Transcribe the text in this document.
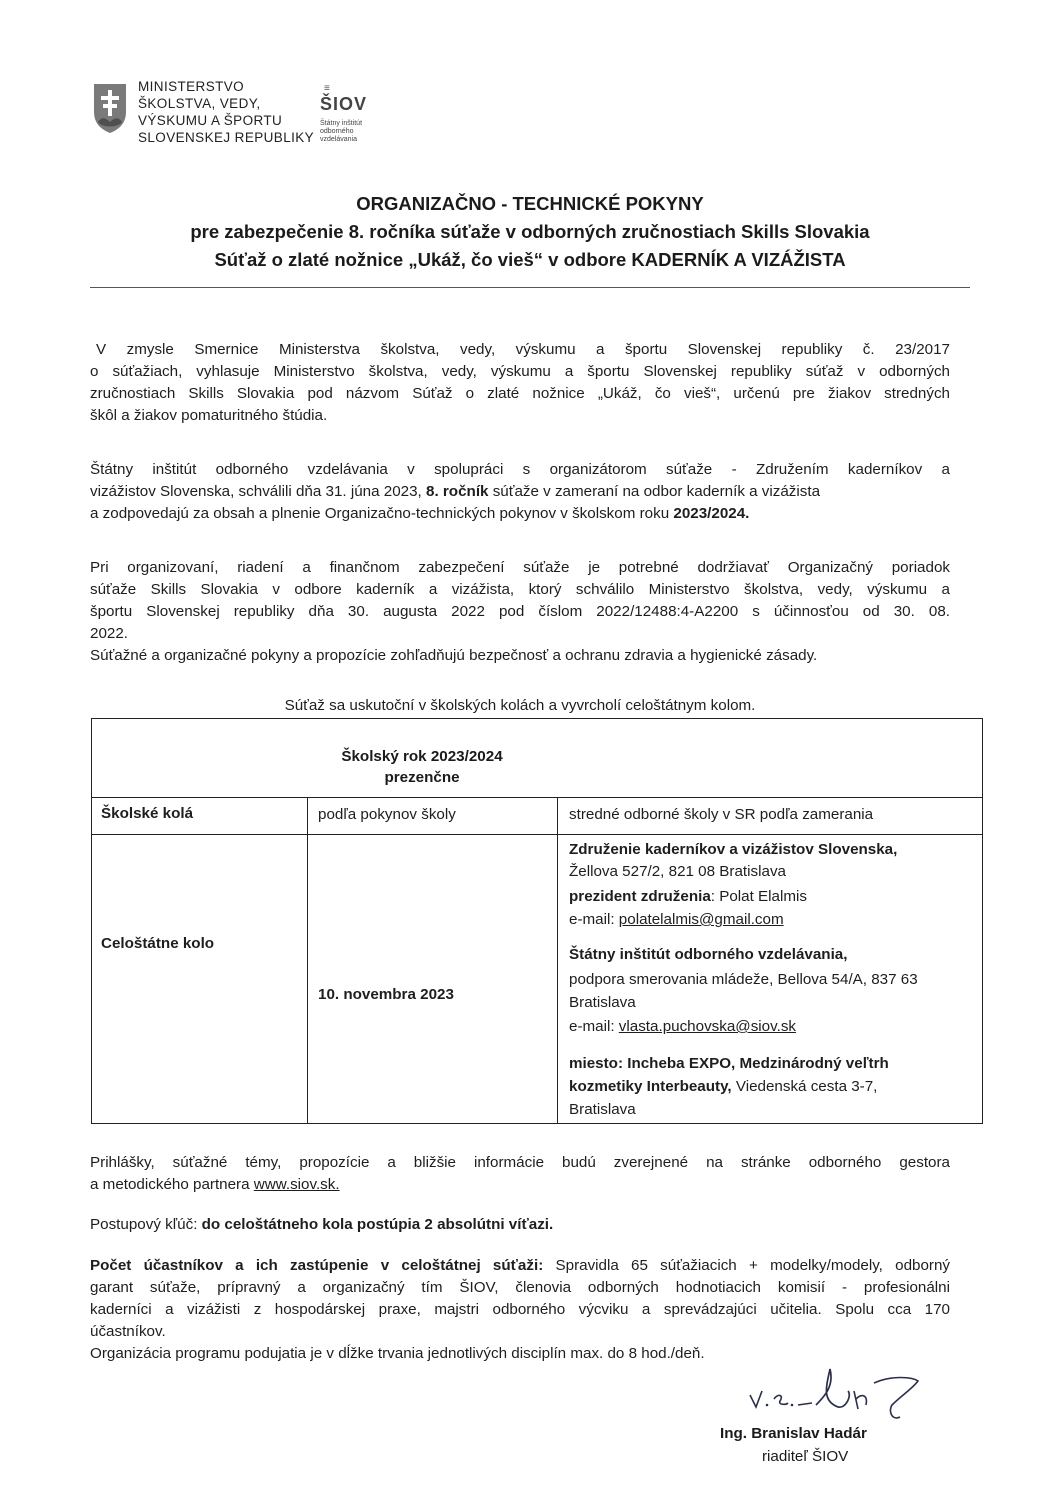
MINISTERSTVO
ŠKOLSTVA, VEDY,
VÝSKUMU A ŠPORTU
SLOVENSKEJ REPUBLIKY
≡
ŠIOV
Štátny inštitút
odborného
vzdelávania
ORGANIZAČNO - TECHNICKÉ POKYNY
pre zabezpečenie 8. ročníka súťaže v odborných zručnostiach Skills Slovakia
Súťaž o zlaté nožnice „Ukáž, čo vieš“ v odbore KADERNÍK A VIZÁŽISTA
V zmysle Smernice Ministerstva školstva, vedy, výskumu a športu Slovenskej republiky č. 23/2017
o súťažiach, vyhlasuje Ministerstvo školstva, vedy, výskumu a športu Slovenskej republiky súťaž v odborných
zručnostiach Skills Slovakia pod názvom Súťaž o zlaté nožnice „Ukáž, čo vieš“, určenú pre žiakov stredných
škôl a žiakov pomaturitného štúdia.
Štátny inštitút odborného vzdelávania v spolupráci s organizátorom súťaže - Združením kaderníkov a
vizážistov Slovenska, schválili dňa 31. júna 2023, 8. ročník súťaže v zameraní na odbor kaderník a vizážista
a zodpovedajú za obsah a plnenie Organizačno-technických pokynov v školskom roku 2023/2024.
Pri organizovaní, riadení a finančnom zabezpečení súťaže je potrebné dodržiavať Organizačný poriadok
súťaže Skills Slovakia v odbore kaderník a vizážista, ktorý schválilo Ministerstvo školstva, vedy, výskumu a
športu Slovenskej republiky dňa 30. augusta 2022 pod číslom 2022/12488:4-A2200 s účinnosťou od 30. 08.
2022.
Súťažné a organizačné pokyny a propozície zohľadňujú bezpečnosť a ochranu zdravia a hygienické zásady.
Súťaž sa uskutoční v školských kolách a vyvrcholí celoštátnym kolom.
Školský rok 2023/2024
prezenčne
Školské kolá	podľa pokynov školy	stredné odborné školy v SR podľa zamerania
Celoštátne kolo
10. novembra 2023
Združenie kaderníkov a vizážistov Slovenska,
Žellova 527/2, 821 08 Bratislava
prezident združenia: Polat Elalmis
e-mail: polatelalmis@gmail.com
Štátny inštitút odborného vzdelávania,
podpora smerovania mládeže, Bellova 54/A, 837 63
Bratislava
e-mail: vlasta.puchovska@siov.sk
miesto: Incheba EXPO, Medzinárodný veľtrh
kozmetiky Interbeauty, Viedenská cesta 3-7,
Bratislava
Prihlášky, súťažné témy, propozície a bližšie informácie budú zverejnené na stránke odborného gestora
a metodického partnera www.siov.sk.
Postupový kľúč: do celoštátneho kola postúpia 2 absolútni víťazi.
Počet účastníkov a ich zastúpenie v celoštátnej súťaži: Spravidla 65 súťažiacich + modelky/modely, odborný
garant súťaže, prípravný a organizačný tím ŠIOV, členovia odborných hodnotiacich komisií - profesionálni
kaderníci a vizážisti z hospodárskej praxe, majstri odborného výcviku a sprevádzajúci učitelia. Spolu cca 170
účastníkov.
Organizácia programu podujatia je v dĺžke trvania jednotlivých disciplín max. do 8 hod./deň.
Ing. Branislav Hadár
riaditeľ ŠIOV
